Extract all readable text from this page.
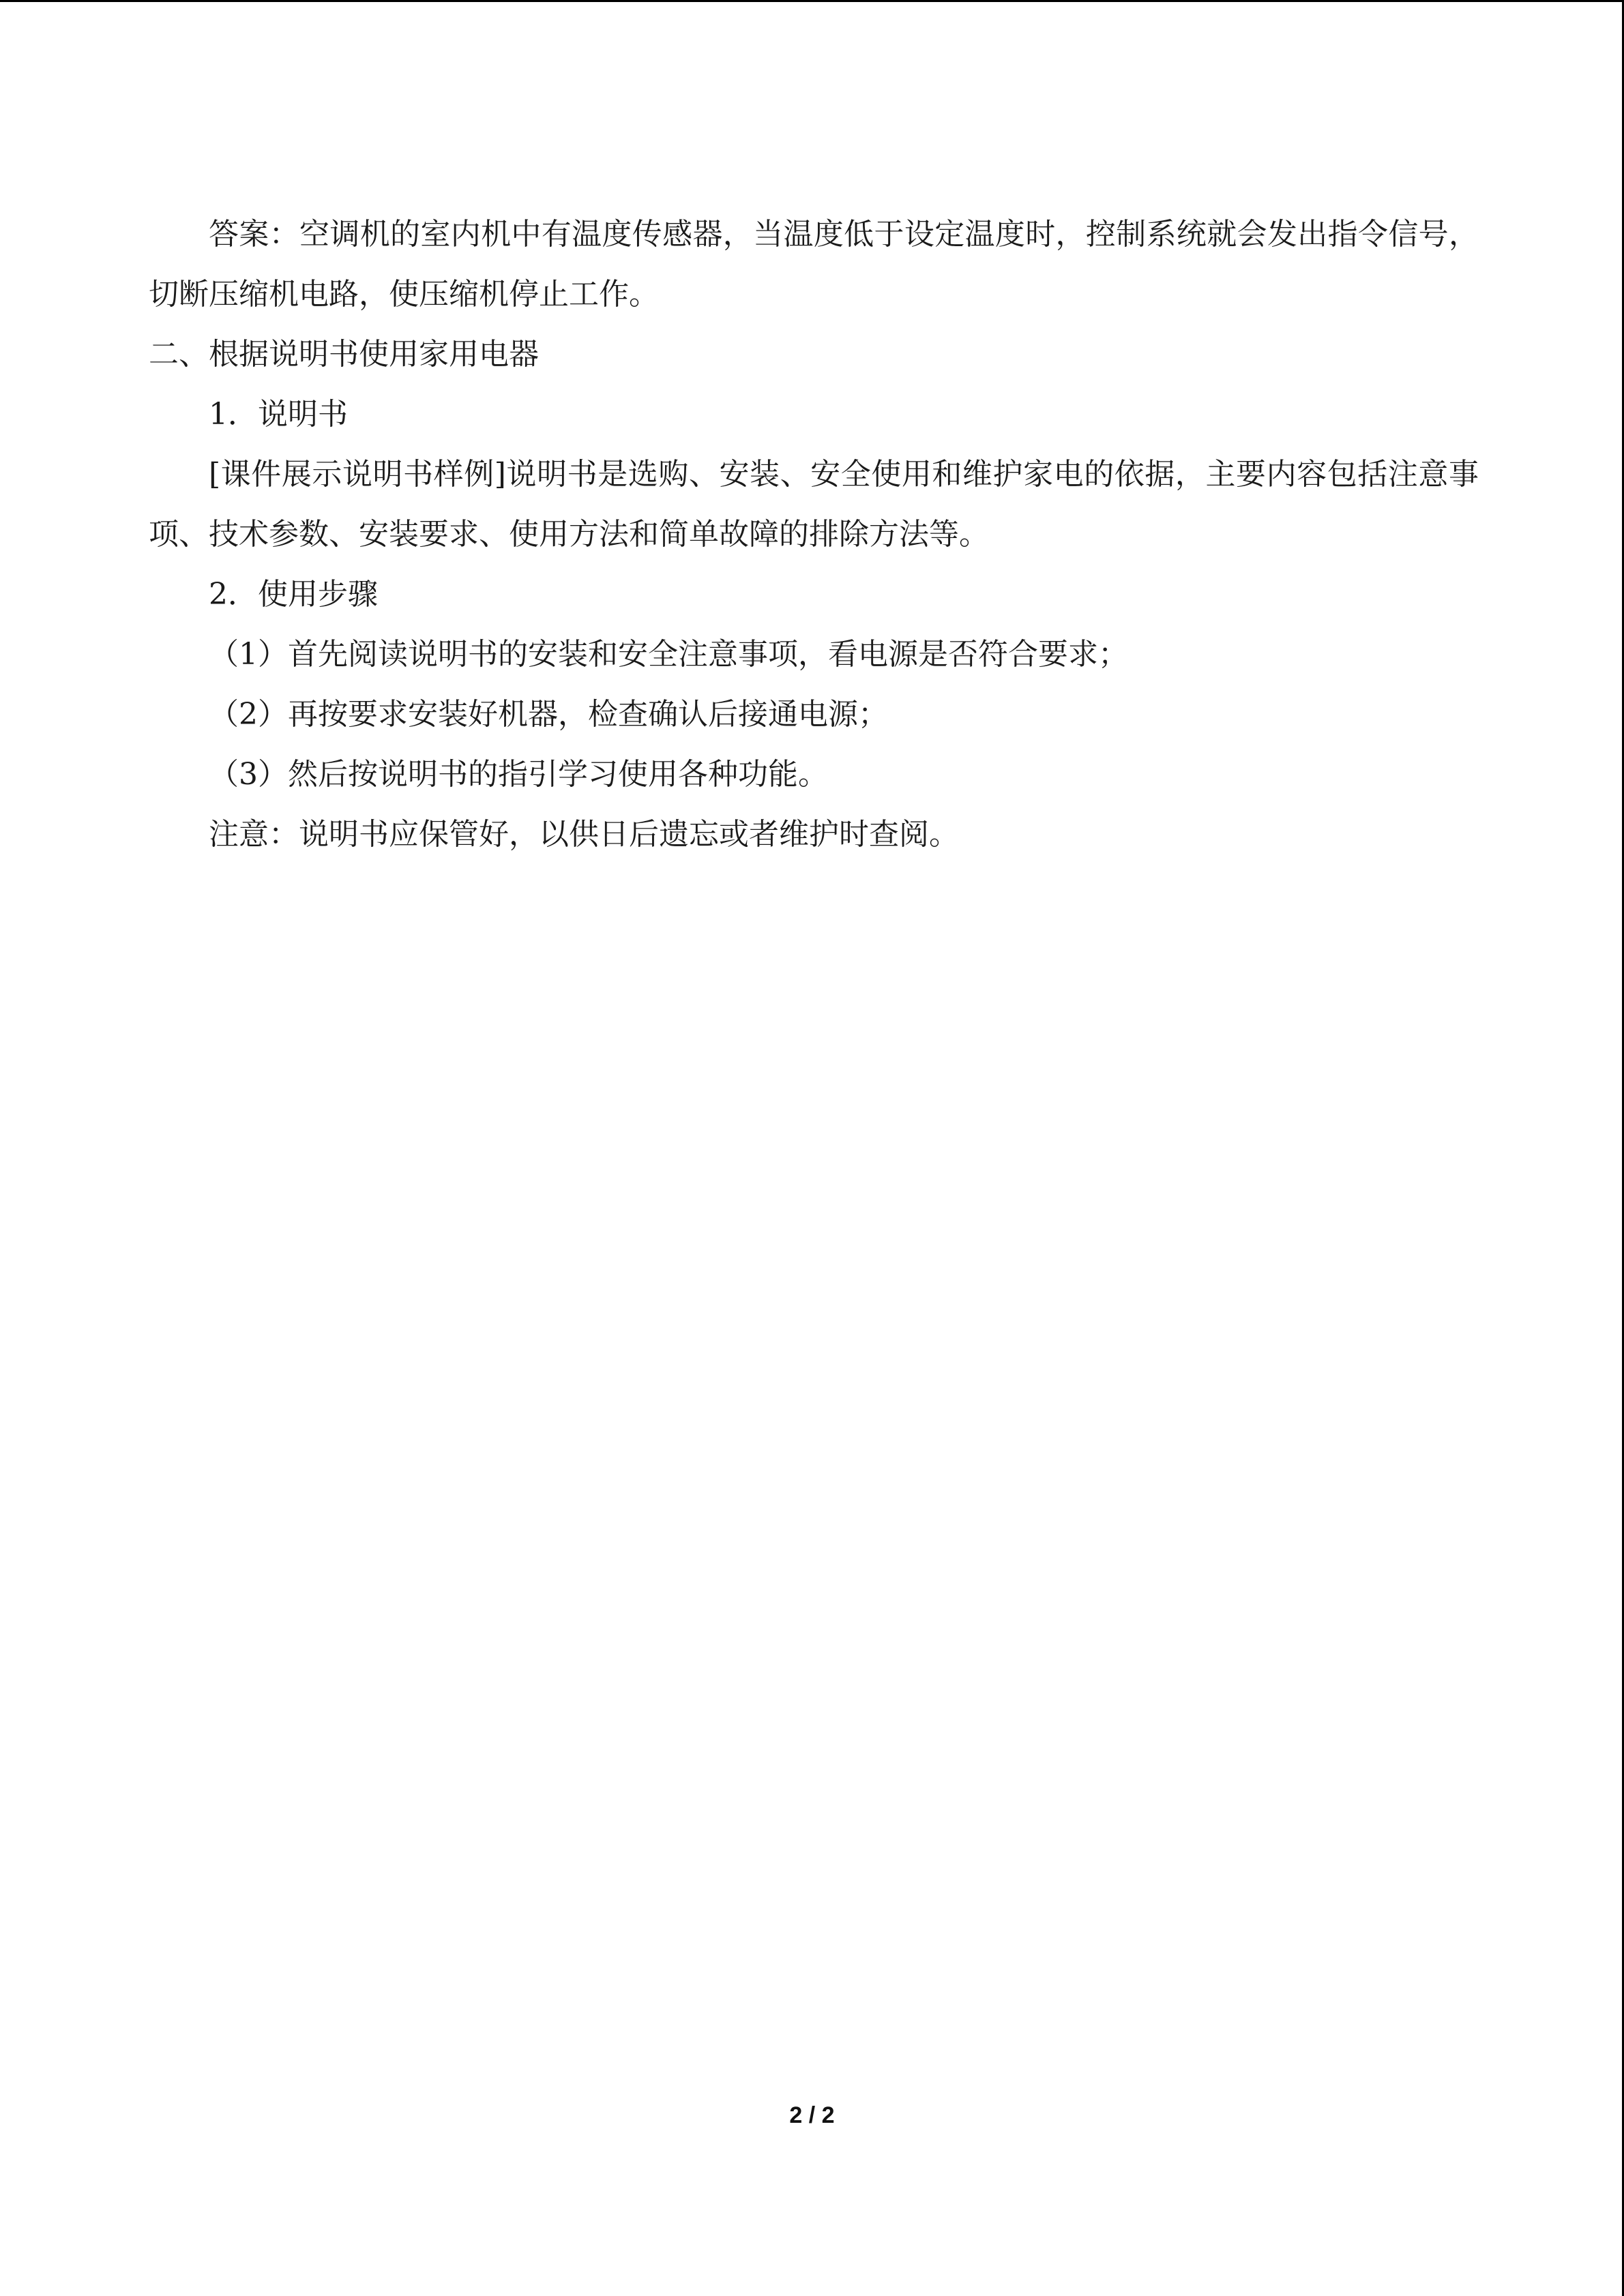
答案：空调机的室内机中有温度传感器，当温度低于设定温度时，控制系统就会发出指令信号，切断压缩机电路，使压缩机停止工作。

二、根据说明书使用家用电器

1．说明书

[课件展示说明书样例]说明书是选购、安装、安全使用和维护家电的依据，主要内容包括注意事项、技术参数、安装要求、使用方法和简单故障的排除方法等。

2．使用步骤

（1）首先阅读说明书的安装和安全注意事项，看电源是否符合要求；

（2）再按要求安装好机器，检查确认后接通电源；

（3）然后按说明书的指引学习使用各种功能。

注意：说明书应保管好，以供日后遗忘或者维护时查阅。

2 / 2
